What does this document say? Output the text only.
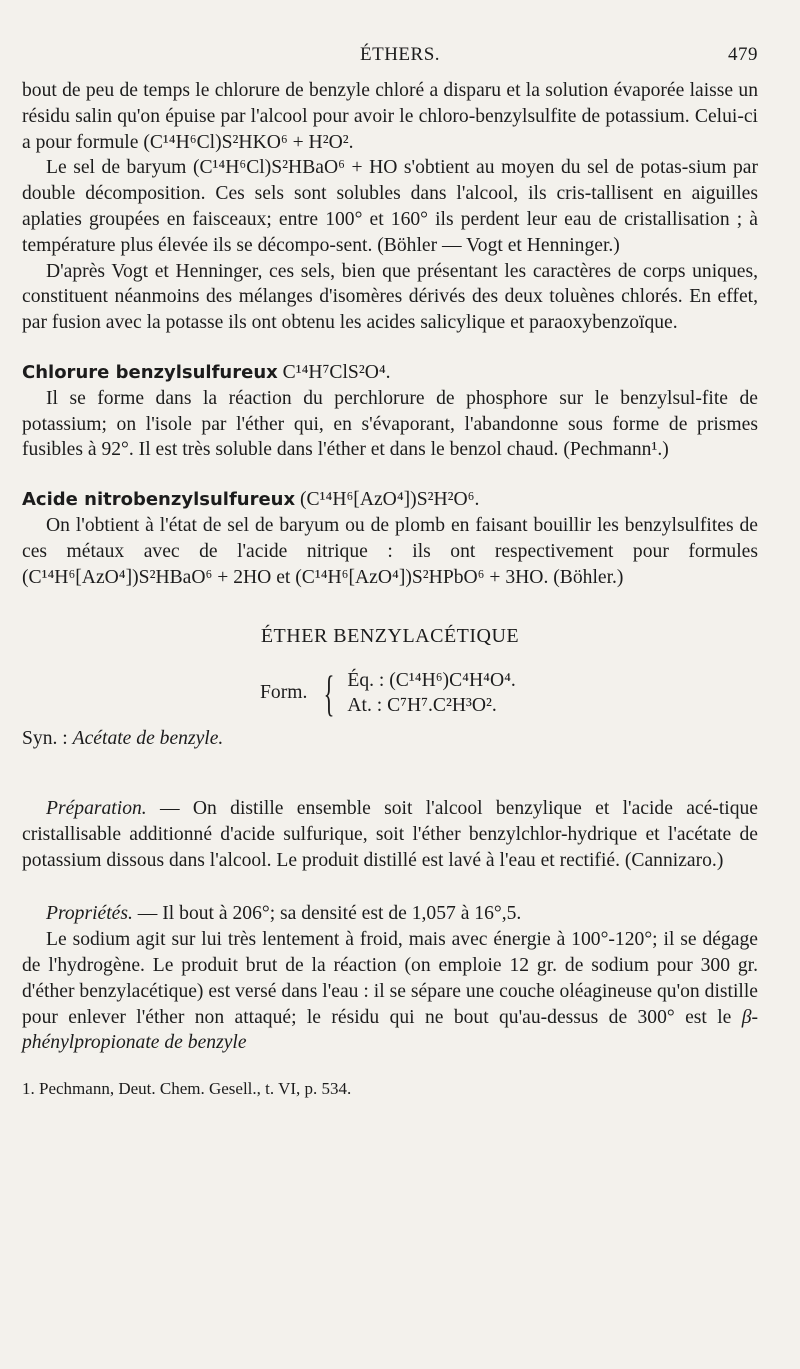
ÉTHERS.	479

bout de peu de temps le chlorure de benzyle chloré a disparu et la solution évaporée laisse un résidu salin qu'on épuise par l'alcool pour avoir le chloro-benzylsulfite de potassium. Celui-ci a pour formule (C¹⁴H⁶Cl)S²HKO⁶ + H²O².

Le sel de baryum (C¹⁴H⁶Cl)S²HBaO⁶ + HO s'obtient au moyen du sel de potas-sium par double décomposition. Ces sels sont solubles dans l'alcool, ils cris-tallisent en aiguilles aplaties groupées en faisceaux; entre 100° et 160° ils perdent leur eau de cristallisation ; à température plus élevée ils se décompo-sent. (Böhler — Vogt et Henninger.)

D'après Vogt et Henninger, ces sels, bien que présentant les caractères de corps uniques, constituent néanmoins des mélanges d'isomères dérivés des deux toluènes chlorés. En effet, par fusion avec la potasse ils ont obtenu les acides salicylique et paraoxybenzoïque.

Chlorure benzylsulfureux C¹⁴H⁷ClS²O⁴.

Il se forme dans la réaction du perchlorure de phosphore sur le benzylsul-fite de potassium; on l'isole par l'éther qui, en s'évaporant, l'abandonne sous forme de prismes fusibles à 92°. Il est très soluble dans l'éther et dans le benzol chaud. (Pechmann¹.)

Acide nitrobenzylsulfureux (C¹⁴H⁶[AzO⁴])S²H²O⁶.

On l'obtient à l'état de sel de baryum ou de plomb en faisant bouillir les benzylsulfites de ces métaux avec de l'acide nitrique : ils ont respectivement pour formules (C¹⁴H⁶[AzO⁴])S²HBaO⁶ + 2HO et (C¹⁴H⁶[AzO⁴])S²HPbO⁶ + 3HO. (Böhler.)

ÉTHER BENZYLACÉTIQUE

Form. { Éq. : (C¹⁴H⁶)C⁴H⁴O⁴.
At. : C⁷H⁷.C²H³O².

Syn. : Acétate de benzyle.

Préparation. — On distille ensemble soit l'alcool benzylique et l'acide acé-tique cristallisable additionné d'acide sulfurique, soit l'éther benzylchlor-hydrique et l'acétate de potassium dissous dans l'alcool. Le produit distillé est lavé à l'eau et rectifié. (Cannizaro.)

Propriétés. — Il bout à 206°; sa densité est de 1,057 à 16°,5.

Le sodium agit sur lui très lentement à froid, mais avec énergie à 100°-120°; il se dégage de l'hydrogène. Le produit brut de la réaction (on emploie 12 gr. de sodium pour 300 gr. d'éther benzylacétique) est versé dans l'eau : il se sépare une couche oléagineuse qu'on distille pour enlever l'éther non attaqué; le résidu qui ne bout qu'au-dessus de 300° est le β-phénylpropionate de benzyle

1. Pechmann, Deut. Chem. Gesell., t. VI, p. 534.
